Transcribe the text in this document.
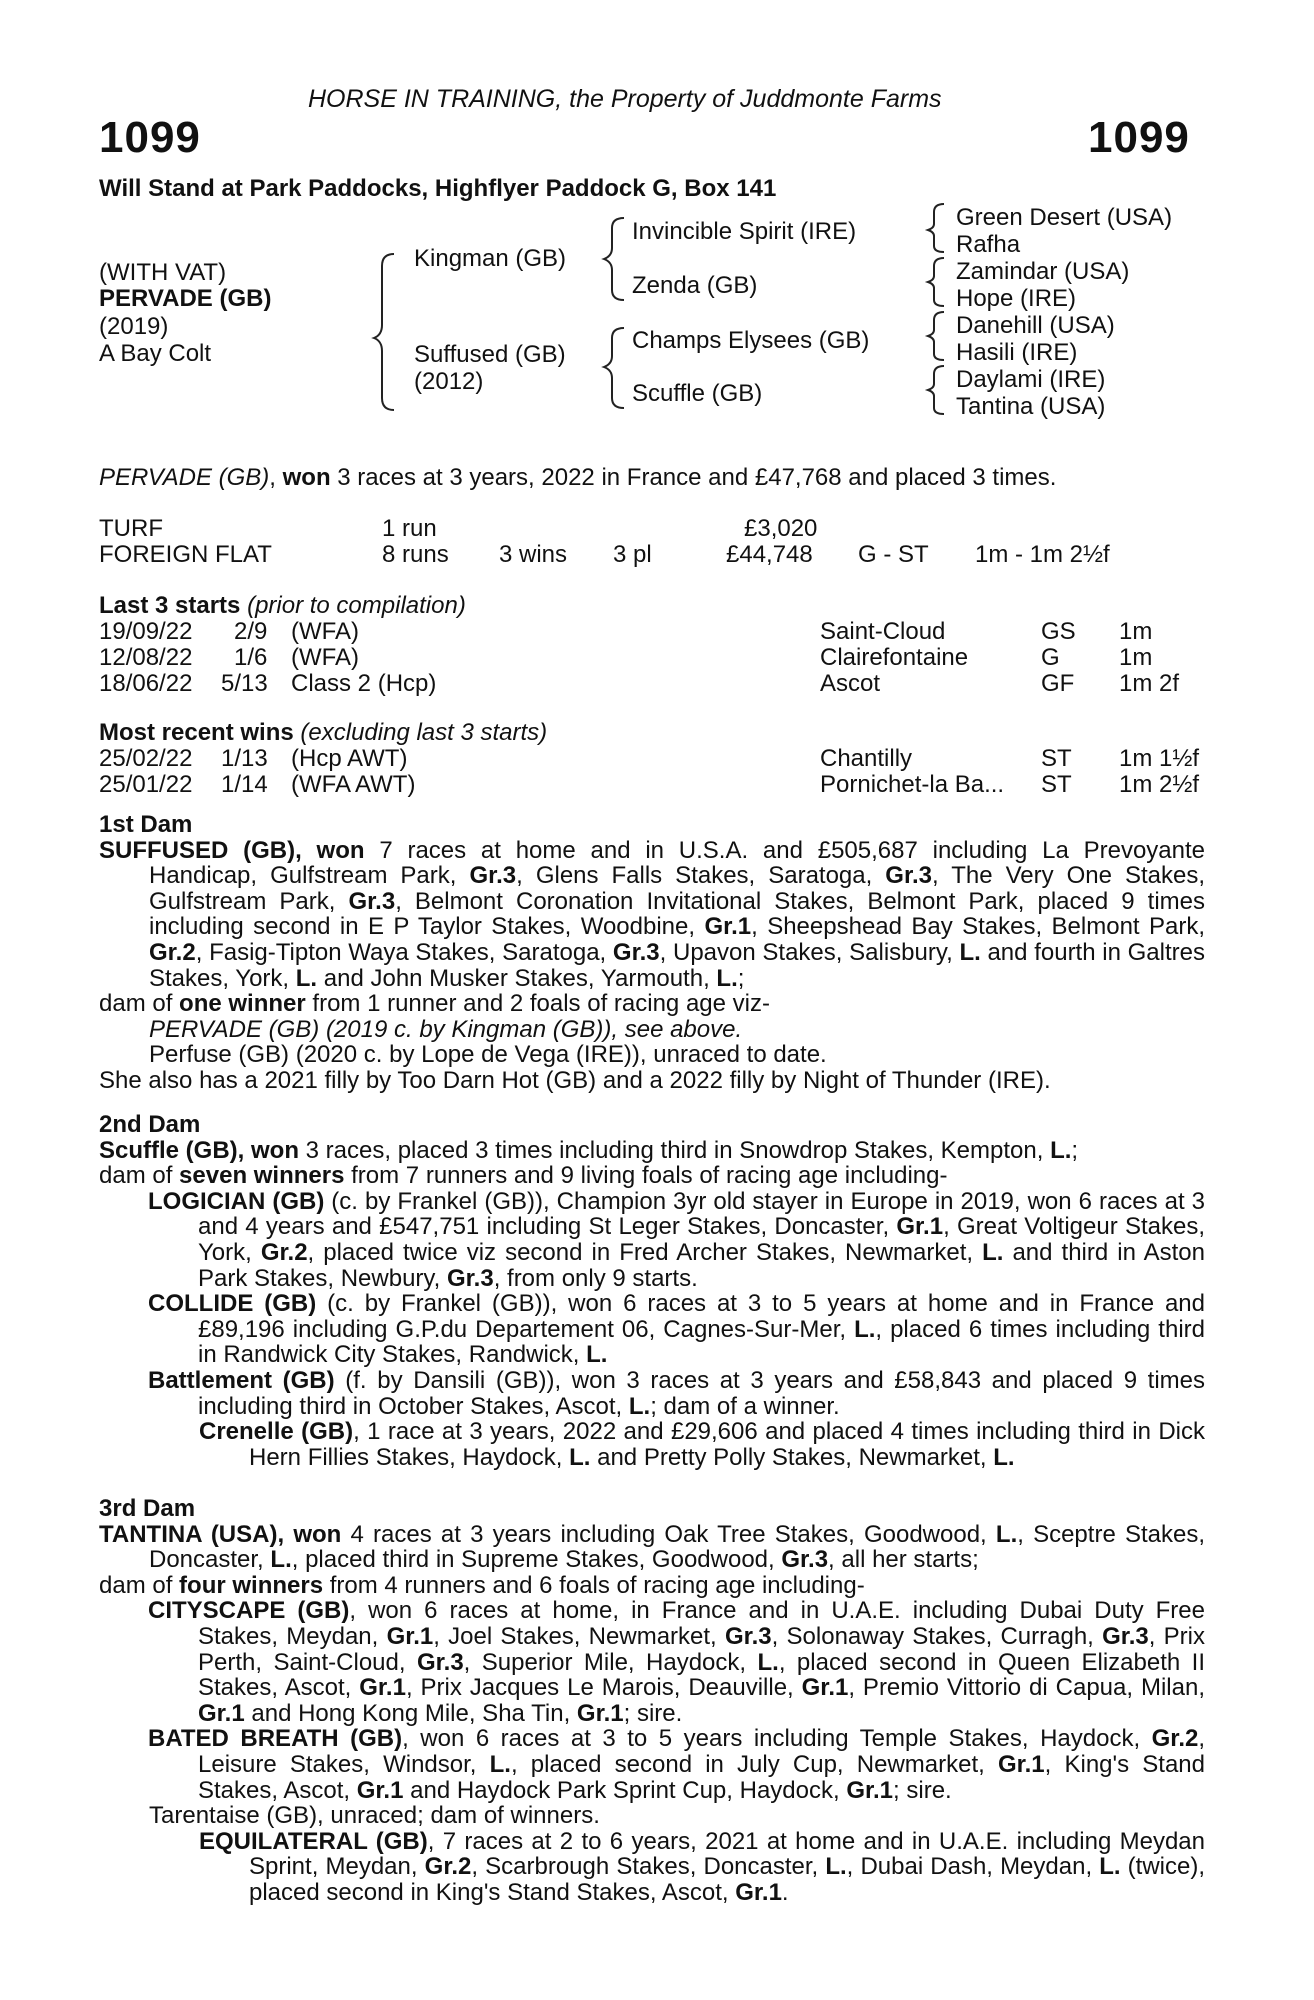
HORSE IN TRAINING, the Property of Juddmonte Farms
1099	1099
Will Stand at Park Paddocks, Highflyer Paddock G, Box 141
(WITH VAT)
PERVADE (GB)
(2019)
A Bay Colt
Kingman (GB)
Suffused (GB)
(2012)
Invincible Spirit (IRE)
Zenda (GB)
Champs Elysees (GB)
Scuffle (GB)
Green Desert (USA)
Rafha
Zamindar (USA)
Hope (IRE)
Danehill (USA)
Hasili (IRE)
Daylami (IRE)
Tantina (USA)
PERVADE (GB), won 3 races at 3 years, 2022 in France and £47,768 and placed 3 times.
TURF	1 run	£3,020
FOREIGN FLAT	8 runs 3 wins 3 pl	£44,748 G - ST 1m - 1m 2½f
Last 3 starts (prior to compilation)
19/09/22 2/9 (WFA)	Saint-Cloud	GS 1m
12/08/22 1/6 (WFA)	Clairefontaine	G 1m
18/06/22 5/13 Class 2 (Hcp)	Ascot	GF 1m 2f
Most recent wins (excluding last 3 starts)
25/02/22 1/13 (Hcp AWT)	Chantilly	ST 1m 1½f
25/01/22 1/14 (WFA AWT)	Pornichet-la Ba... ST 1m 2½f

1st Dam

SUFFUSED (GB), won 7 races at home and in U.S.A. and £505,687 including La Prevoyante Handicap, Gulfstream Park, Gr.3, Glens Falls Stakes, Saratoga, Gr.3, The Very One Stakes, Gulfstream Park, Gr.3, Belmont Coronation Invitational Stakes, Belmont Park, placed 9 times including second in E P Taylor Stakes, Woodbine, Gr.1, Sheepshead Bay Stakes, Belmont Park, Gr.2, Fasig-Tipton Waya Stakes, Saratoga, Gr.3, Upavon Stakes, Salisbury, L. and fourth in Galtres Stakes, York, L. and John Musker Stakes, Yarmouth, L.;

dam of one winner from 1 runner and 2 foals of racing age viz-

PERVADE (GB) (2019 c. by Kingman (GB)), see above.

Perfuse (GB) (2020 c. by Lope de Vega (IRE)), unraced to date.

She also has a 2021 filly by Too Darn Hot (GB) and a 2022 filly by Night of Thunder (IRE).

2nd Dam

Scuffle (GB), won 3 races, placed 3 times including third in Snowdrop Stakes, Kempton, L.;

dam of seven winners from 7 runners and 9 living foals of racing age including-

LOGICIAN (GB) (c. by Frankel (GB)), Champion 3yr old stayer in Europe in 2019, won 6 races at 3 and 4 years and £547,751 including St Leger Stakes, Doncaster, Gr.1, Great Voltigeur Stakes, York, Gr.2, placed twice viz second in Fred Archer Stakes, Newmarket, L. and third in Aston Park Stakes, Newbury, Gr.3, from only 9 starts.

COLLIDE (GB) (c. by Frankel (GB)), won 6 races at 3 to 5 years at home and in France and £89,196 including G.P.du Departement 06, Cagnes-Sur-Mer, L., placed 6 times including third in Randwick City Stakes, Randwick, L.

Battlement (GB) (f. by Dansili (GB)), won 3 races at 3 years and £58,843 and placed 9 times including third in October Stakes, Ascot, L.; dam of a winner.

Crenelle (GB), 1 race at 3 years, 2022 and £29,606 and placed 4 times including third in Dick Hern Fillies Stakes, Haydock, L. and Pretty Polly Stakes, Newmarket, L.

3rd Dam

TANTINA (USA), won 4 races at 3 years including Oak Tree Stakes, Goodwood, L., Sceptre Stakes, Doncaster, L., placed third in Supreme Stakes, Goodwood, Gr.3, all her starts;

dam of four winners from 4 runners and 6 foals of racing age including-

CITYSCAPE (GB), won 6 races at home, in France and in U.A.E. including Dubai Duty Free Stakes, Meydan, Gr.1, Joel Stakes, Newmarket, Gr.3, Solonaway Stakes, Curragh, Gr.3, Prix Perth, Saint-Cloud, Gr.3, Superior Mile, Haydock, L., placed second in Queen Elizabeth II Stakes, Ascot, Gr.1, Prix Jacques Le Marois, Deauville, Gr.1, Premio Vittorio di Capua, Milan, Gr.1 and Hong Kong Mile, Sha Tin, Gr.1; sire.

BATED BREATH (GB), won 6 races at 3 to 5 years including Temple Stakes, Haydock, Gr.2, Leisure Stakes, Windsor, L., placed second in July Cup, Newmarket, Gr.1, King's Stand Stakes, Ascot, Gr.1 and Haydock Park Sprint Cup, Haydock, Gr.1; sire.

Tarentaise (GB), unraced; dam of winners.

EQUILATERAL (GB), 7 races at 2 to 6 years, 2021 at home and in U.A.E. including Meydan Sprint, Meydan, Gr.2, Scarbrough Stakes, Doncaster, L., Dubai Dash, Meydan, L. (twice), placed second in King's Stand Stakes, Ascot, Gr.1.
